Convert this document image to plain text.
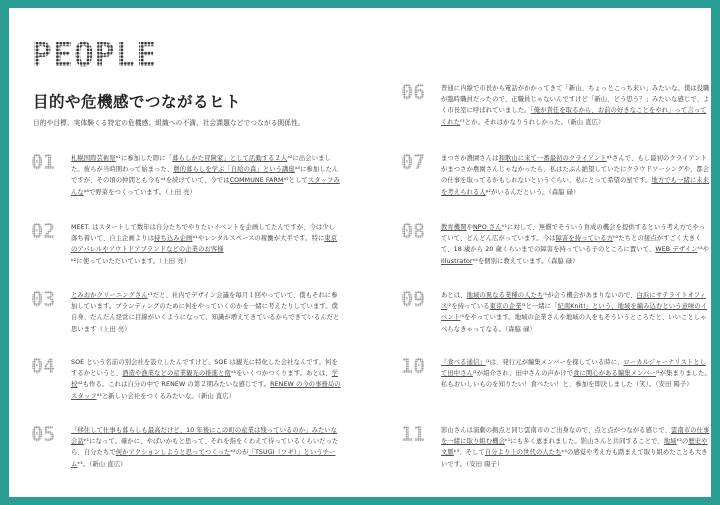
PEOPLE
目的や危機感でつながるヒト
目的や目標、実体験くる特定の危機感、組織への不満、社会課題などでつながる関係性。
01	札幌国際芸術祭ᵃ¹に参加した際に「暮らしかた冒険家」として活動する２人ᵃ²に出会いました。彼らが当時開わって始まった、農的暮らしを学ぶ「自給の森」という講座ᵃ³に参加したんですが、その頃の仲間とも今もᵃ⁴を続けていて、今ではCOMMUNE FARMᵃ⁵としてスタッフみんなᵃ⁶で野菜をつくっています。（上田 亮）
02	MEET. はスタートして数年は自分たちでやりたいイベントを企画してたんですが、今は少し落ち着いて、自主企画よりは持ち込み企画ᵇ¹やレンタルスペースの稼働が大半です。特に東京のアパレルやアウトドアブランドなどの企業のお客様ᵇ²に使っていただいています。（上田 亮）
03	とみおかクリーニングさんᶜ¹だと、社内でデザイン会議を毎月１回やっていて、僕もそれに参加しています。ブランディングのために何をやっていくのかを一緒に考えたりしています。僕自身、だんだん経営に目線がいくようになって、知識が増えてきているからできているんだと思います（上田 亮）
04	SOE という名前の別会社を設立したんですけど、SOE は観光に特化した会社なんです。何をするかというと、酒造や漁業などの産業観光の推進と宿ᵈ¹をいくつかつくります。あとは、学校ᵈ²も作る。これは自分の中で RENEW の第２期みたいな感じです。RENEW の今の事務局のスタッフᵈ³と新しい会社をつくるみたいな。（新山 直広）
05	「移住して仕事も暮らしも最高だけど、10 年後にこの町の産業は残っているのか」みたいな会話ᵉ¹になって。確かに、やばいかもと思って、それを指をくわえて待っているくらいだったら、自分たちで何かアクションしようと思ってつくったᵉ²のが「TSUGI（ツギ）」というチームᵉ³。（新山 直広）
06	普通に内線で市長から電話がかかってきて「新山、ちょっとこっち来い」みたいな。僕は役職が臨時職員だったので、正職員じゃないんですけど「新山、どう思う？」みたいな感じで、よく市長室に呼ばれていました。「俺が責任を取るから、お前の好きなことをやれ」って言ってくれたᶠ¹とか。それはかなりうれしかった。（新山 直広）
07	まつさか農園さんは和歌山に来て一番最初のクライアントᵍ¹さんで、もし最初のクライアントがまつさか農園さんじゃなかったら、私はたぶん絶望していたにクラウドソーシングや、都会の仕事を取ってるかもしれないというぐらい、私にとって希望の星です。地方でも一緒に未来を考えられる人ᵍ²がいるんだという。（森脇 碌）
08	教育機関やNPO さんʰ¹に対して、無償でそういう育成の機会を提供するという考え方でやっていて、どんどん広がっています。今は障害を持っている方ʰ²たちとの接点がすごく大きくて、18 歳から 20 歳くらいまでの障害を持っている子のところに置いて、WEB デザインʰ³やIllustratorʰ⁴を個別に教えています。（森脇 碌）
09	あとは、地域の異なる業種の人たちⁱ¹が会う機会があまりないので、白浜にサテライトオフィスⁱ²を持っている東京の企業ⁱ³と一緒に「紀南Knit!」という、地域を編み込むという意味のイベントⁱ⁴をやっています。地域の企業さんや地域の人をもそういうところだと、いいことしゃべらなきゃってなる。（森脇 碌）
10	『食べる通信』ʲ¹は、発行元が編集メンバーを探している時に、ローカルジャーナリストとして田中さんʲ²が紹介され、田中さんの声かけで食に関心がある編集メンバーʲ³が集まりました。私もおいしいものを知りたい！食べたい！と、参加を即決しました（笑）。（安田 陽子）
11	影山さんは演劇の拠点と同じ雲南市のご出身なので、点と点がつながる感じで、雲南市の仕事を一緒に取り組む機会ᵏ¹にも多く恵まれました。影山さんと共同することで、地域ᵏ²の歴史や文脈ᵏ³、そして自分より上の世代の人たちᵏ⁴の感覚や考え方も踏まえて取り組めたことも大きいです。（安田 陽子）
